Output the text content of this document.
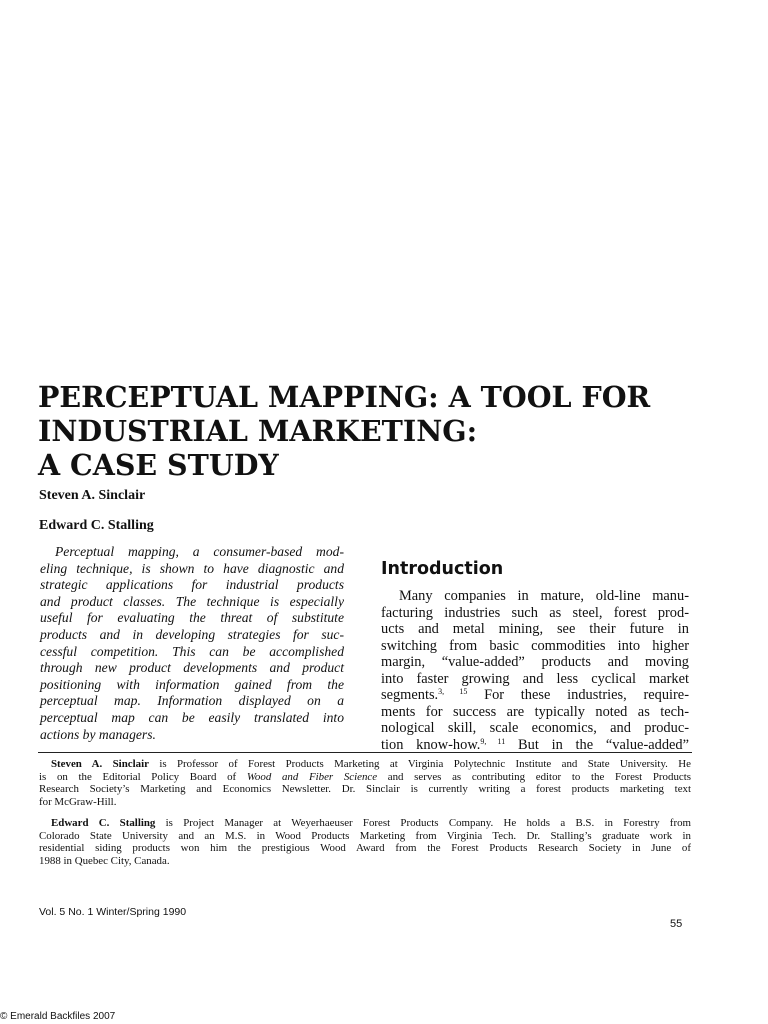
PERCEPTUAL MAPPING: A TOOL FOR
INDUSTRIAL MARKETING:
A CASE STUDY
Steven A. Sinclair
Edward C. Stalling
Perceptual mapping, a consumer-based mod-
eling technique, is shown to have diagnostic and
strategic applications for industrial products
and product classes. The technique is especially
useful for evaluating the threat of substitute
products and in developing strategies for suc-
cessful competition. This can be accomplished
through new product developments and product
positioning with information gained from the
perceptual map. Information displayed on a
perceptual map can be easily translated into
actions by managers.
Introduction
Many companies in mature, old-line manu-
facturing industries such as steel, forest prod-
ucts and metal mining, see their future in
switching from basic commodities into higher
margin, “value-added” products and moving
into faster growing and less cyclical market
segments.$^{3, 15}$ For these industries, require-
ments for success are typically noted as tech-
nological skill, scale economics, and produc-
tion know-how.$^{9, 11}$ But in the “value-added”
Steven A. Sinclair is Professor of Forest Products Marketing at Virginia Polytechnic Institute and State University. He
is on the Editorial Policy Board of Wood and Fiber Science and serves as contributing editor to the Forest Products
Research Society’s Marketing and Economics Newsletter. Dr. Sinclair is currently writing a forest products marketing text
for McGraw-Hill.
Edward C. Stalling is Project Manager at Weyerhaeuser Forest Products Company. He holds a B.S. in Forestry from
Colorado State University and an M.S. in Wood Products Marketing from Virginia Tech. Dr. Stalling’s graduate work in
residential siding products won him the prestigious Wood Award from the Forest Products Research Society in June of
1988 in Quebec City, Canada.
Vol. 5 No. 1 Winter/Spring 1990
55
© Emerald Backfiles 2007
